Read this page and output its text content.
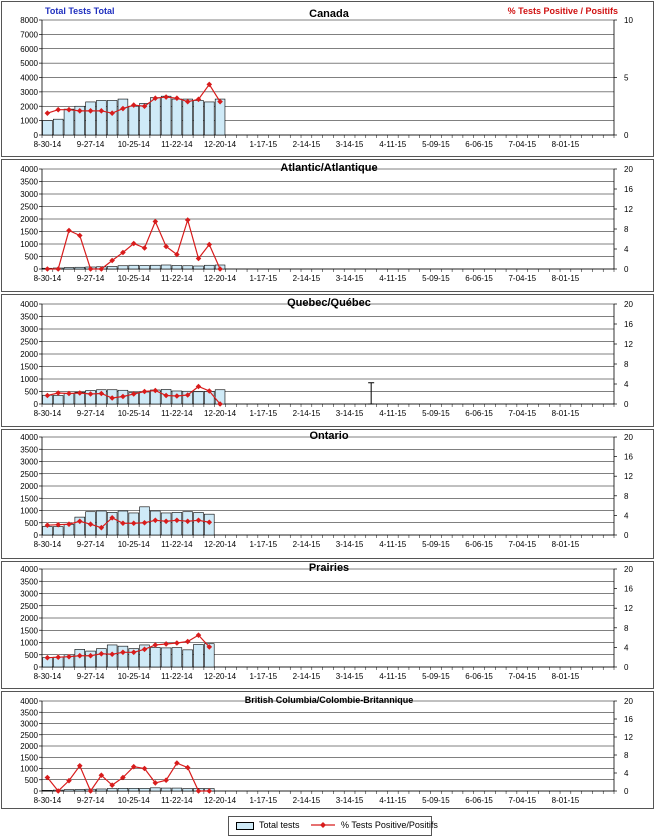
Total Tests Total	% Tests Positive / Positifs
Canada
0
1000
2000
3000
4000
5000
6000
7000
8000
0
5
10
8-30-14 9-27-14 10-25-14 11-22-14 12-20-14 1-17-15 2-14-15 3-14-15 4-11-15 5-09-15 6-06-15 7-04-15 8-01-15
Atlantic/Atlantique
0
500
1000
1500
2000
2500
3000
3500
4000
0
4
8
12
16
20
8-30-14 9-27-14 10-25-14 11-22-14 12-20-14 1-17-15 2-14-15 3-14-15 4-11-15 5-09-15 6-06-15 7-04-15 8-01-15
Quebec/Québec
0
500
1000
1500
2000
2500
3000
3500
4000
0
4
8
12
16
20
8-30-14 9-27-14 10-25-14 11-22-14 12-20-14 1-17-15 2-14-15 3-14-15 4-11-15 5-09-15 6-06-15 7-04-15 8-01-15
Ontario
0
500
1000
1500
2000
2500
3000
3500
4000
0
4
8
12
16
20
8-30-14 9-27-14 10-25-14 11-22-14 12-20-14 1-17-15 2-14-15 3-14-15 4-11-15 5-09-15 6-06-15 7-04-15 8-01-15
Prairies
0
500
1000
1500
2000
2500
3000
3500
4000
0
4
8
12
16
20
8-30-14 9-27-14 10-25-14 11-22-14 12-20-14 1-17-15 2-14-15 3-14-15 4-11-15 5-09-15 6-06-15 7-04-15 8-01-15
British Columbia/Colombie-Britannique
0
500
1000
1500
2000
2500
3000
3500
4000
0
4
8
12
16
20
8-30-14 9-27-14 10-25-14 11-22-14 12-20-14 1-17-15 2-14-15 3-14-15 4-11-15 5-09-15 6-06-15 7-04-15 8-01-15
Total tests	% Tests Positive/Positifs
